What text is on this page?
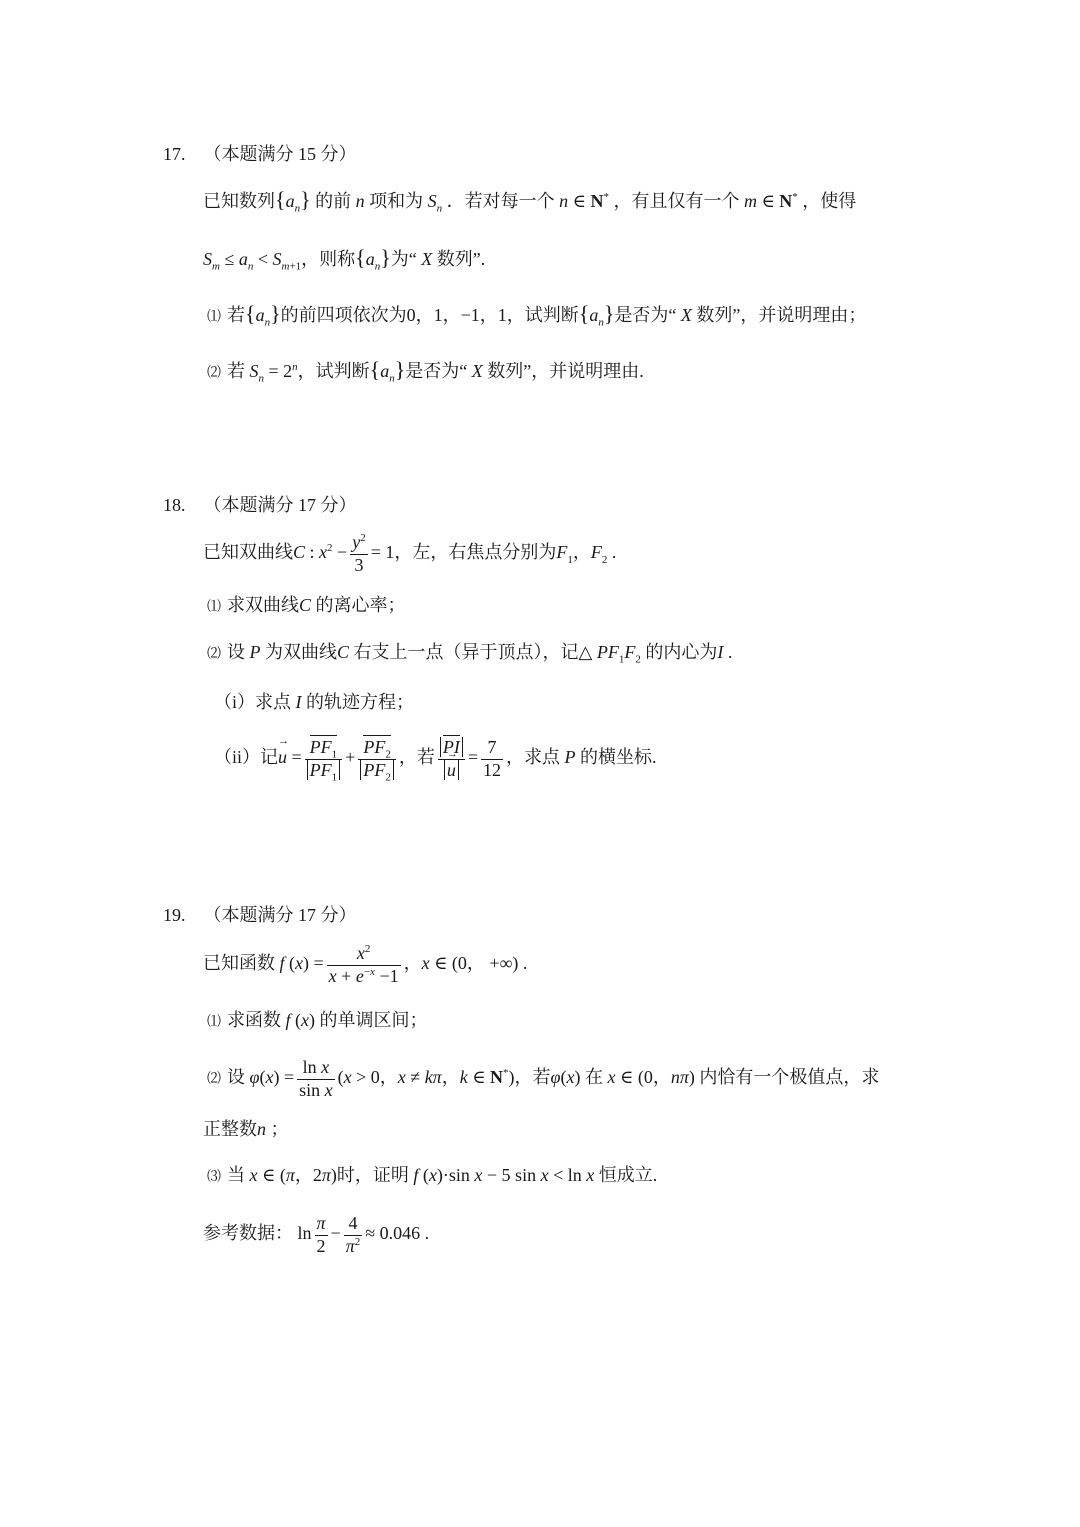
17. （本题满分 15 分）
已知数列$\{a_n\}$ 的前 n 项和为 $S_n$ ．若对每一个 n ∈ N* ，有且仅有一个 m ∈ N* ，使得
$S_m \le a_n < S_{m+1}$，则称$\{a_n\}$为“ X 数列”.
⑴ 若$\{a_n\}$的前四项依次为0，1，−1，1，试判断$\{a_n\}$是否为“ X 数列”，并说明理由；
⑵ 若 $S_n = 2^n$，试判断$\{a_n\}$是否为“ X 数列”，并说明理由.
18. （本题满分 17 分）
已知双曲线C : $x^2 - \frac{y^2}{3} = 1$，左，右焦点分别为$F_1$，$F_2$ .
⑴ 求双曲线C 的离心率；
⑵ 设 P 为双曲线C 右支上一点（异于顶点），记△ $PF_1F_2$ 的内心为I .
（i）求点 I 的轨迹方程；
（ii）记→ $u = \frac{PF_1}{PF_1} + \frac{PF_2}{PF_2}$ ，若 PI
→ $u = \frac{7}{12}$ ，求点 P 的横坐标.
19. （本题满分 17 分）
已知函数 f $(x) = \frac{x^2}{x + e^{-x} -1}$ ，x ∈ (0， +∞) .
⑴ 求函数 f (x) 的单调区间；
⑵ 设 $\varphi(x) = \frac{\text{ln x}}{\text{sin x}} (x > 0$，x ≠ kπ，k ∈ N*)，若φ(x) 在 x ∈ (0，nπ) 内恰有一个极值点，求
正整数n ；
⑶ 当 x ∈ (π，2π)时，证明 f (x)·sin x − 5 sin x < ln x 恒成立.
参考数据： $\ln \frac{\pi}{2} - \frac{4}{\pi^2} \approx 0.046$ .
